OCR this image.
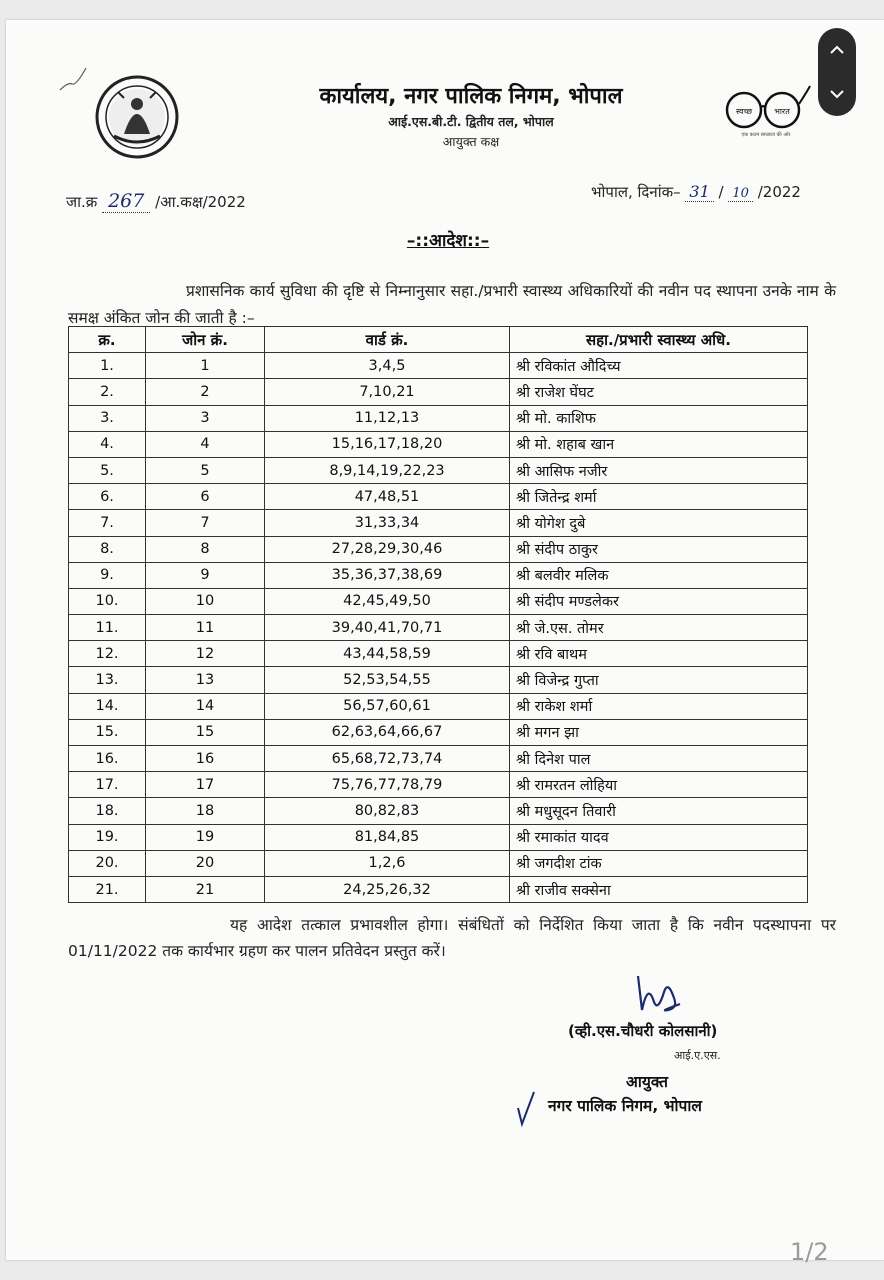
कार्यालय, नगर पालिक निगम, भोपाल
आई.एस.बी.टी. द्वितीय तल, भोपाल
आयुक्त कक्ष
स्वच्छ	भारत
एक कदम स्वच्छता की ओर
जा.क्र 267 /आ.कक्ष/2022
भोपाल, दिनांक– 31 / 10 /2022
–::आदेश::–
प्रशासनिक कार्य सुविधा की दृष्टि से निम्नानुसार सहा./प्रभारी स्वास्थ्य अधिकारियों की नवीन पद स्थापना उनके नाम के समक्ष अंकित जोन की जाती है :–
क्र.	जोन क्रं.	वार्ड क्रं.	सहा./प्रभारी स्वास्थ्य अधि.
1.	1	3,4,5	श्री रविकांत औदिच्य
2.	2	7,10,21	श्री राजेश घेंघट
3.	3	11,12,13	श्री मो. काशिफ
4.	4	15,16,17,18,20	श्री मो. शहाब खान
5.	5	8,9,14,19,22,23	श्री आसिफ नजीर
6.	6	47,48,51	श्री जितेन्द्र शर्मा
7.	7	31,33,34	श्री योगेश दुबे
8.	8	27,28,29,30,46	श्री संदीप ठाकुर
9.	9	35,36,37,38,69	श्री बलवीर मलिक
10.	10	42,45,49,50	श्री संदीप मण्डलेकर
11.	11	39,40,41,70,71	श्री जे.एस. तोमर
12.	12	43,44,58,59	श्री रवि बाथम
13.	13	52,53,54,55	श्री विजेन्द्र गुप्ता
14.	14	56,57,60,61	श्री राकेश शर्मा
15.	15	62,63,64,66,67	श्री मगन झा
16.	16	65,68,72,73,74	श्री दिनेश पाल
17.	17	75,76,77,78,79	श्री रामरतन लोहिया
18.	18	80,82,83	श्री मधुसूदन तिवारी
19.	19	81,84,85	श्री रमाकांत यादव
20.	20	1,2,6	श्री जगदीश टांक
21.	21	24,25,26,32	श्री राजीव सक्सेना
यह आदेश तत्काल प्रभावशील होगा। संबंधितों को निर्देशित किया जाता है कि नवीन पदस्थापना पर 01/11/2022 तक कार्यभार ग्रहण कर पालन प्रतिवेदन प्रस्तुत करें।
(व्ही.एस.चौधरी कोलसानी)
आई.ए.एस.
आयुक्त
नगर पालिक निगम, भोपाल
1/2
